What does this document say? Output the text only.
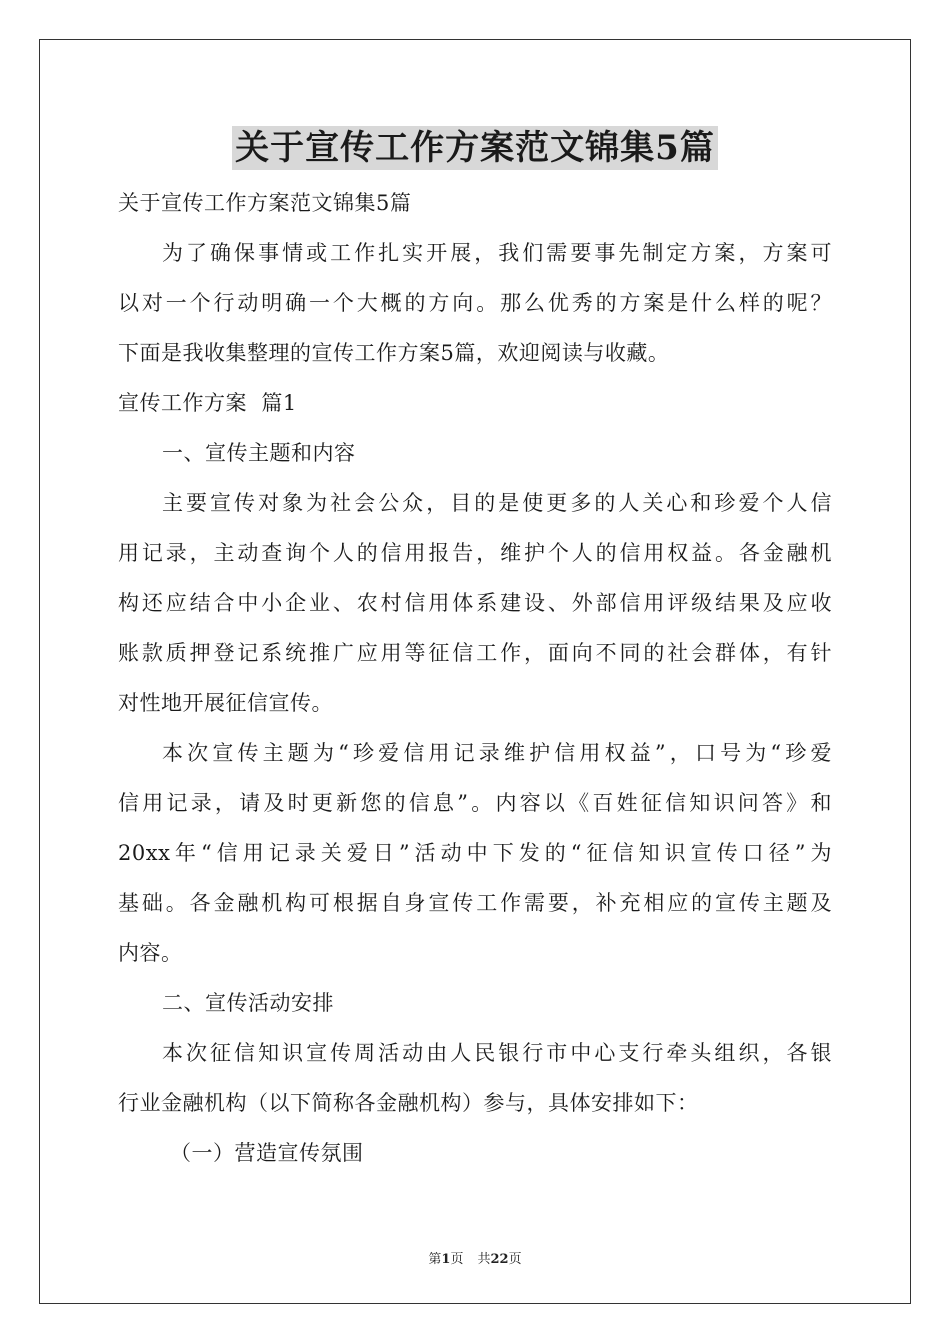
关于宣传工作方案范文锦集5篇
关于宣传工作方案范文锦集5篇
为了确保事情或工作扎实开展，我们需要事先制定方案，方案可
以对一个行动明确一个大概的方向。那么优秀的方案是什么样的呢？
下面是我收集整理的宣传工作方案5篇，欢迎阅读与收藏。
宣传工作方案  篇1
一、宣传主题和内容
主要宣传对象为社会公众，目的是使更多的人关心和珍爱个人信
用记录，主动查询个人的信用报告，维护个人的信用权益。各金融机
构还应结合中小企业、农村信用体系建设、外部信用评级结果及应收
账款质押登记系统推广应用等征信工作，面向不同的社会群体，有针
对性地开展征信宣传。
本次宣传主题为“珍爱信用记录维护信用权益”，口号为“珍爱
信用记录，请及时更新您的信息”。内容以《百姓征信知识问答》和
20xx年“信用记录关爱日”活动中下发的“征信知识宣传口径”为
基础。各金融机构可根据自身宣传工作需要，补充相应的宣传主题及
内容。
二、宣传活动安排
本次征信知识宣传周活动由人民银行市中心支行牵头组织，各银
行业金融机构（以下简称各金融机构）参与，具体安排如下：
（一）营造宣传氛围
第1页 共22页
